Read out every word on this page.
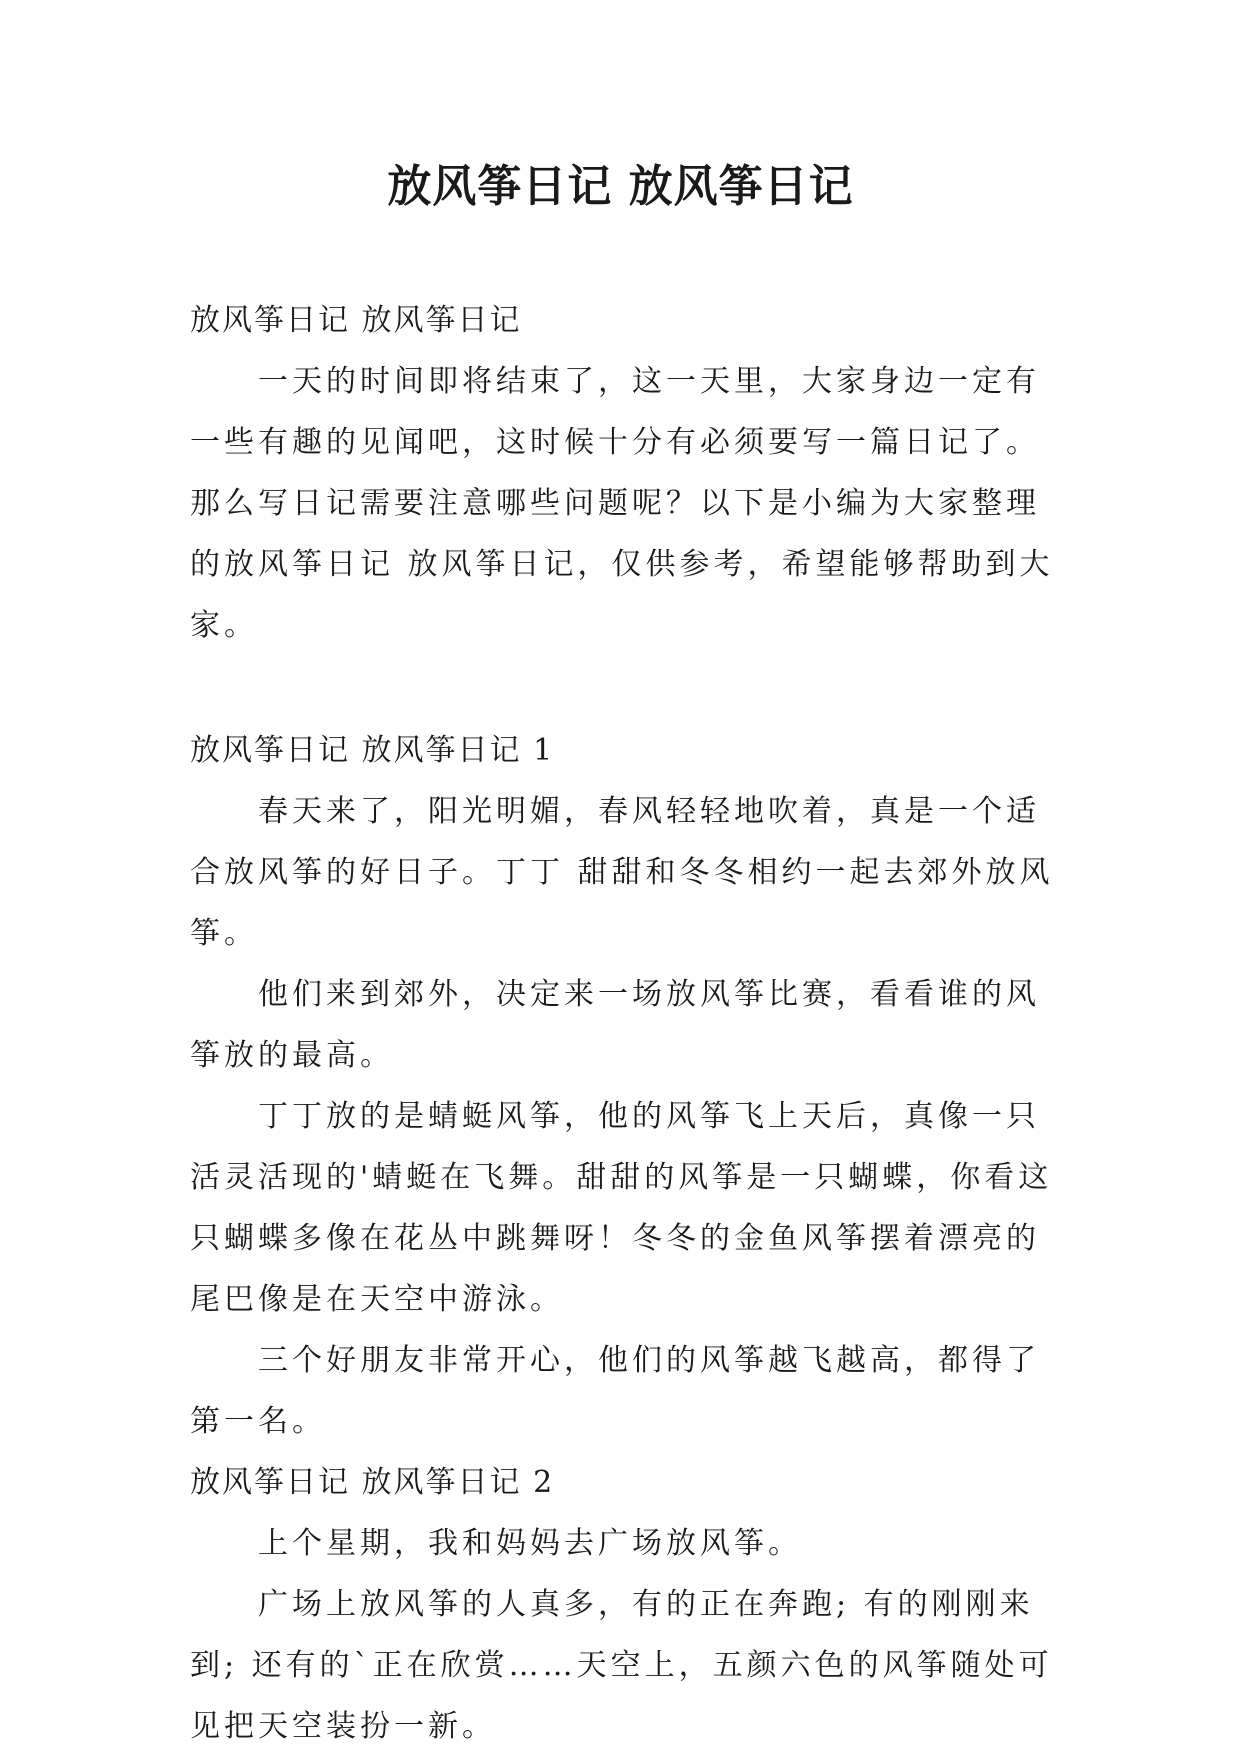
放风筝日记 放风筝日记

放风筝日记 放风筝日记

一天的时间即将结束了，这一天里，大家身边一定有一些有趣的见闻吧，这时候十分有必须要写一篇日记了。那么写日记需要注意哪些问题呢？以下是小编为大家整理的放风筝日记 放风筝日记，仅供参考，希望能够帮助到大家。

放风筝日记 放风筝日记 1

春天来了，阳光明媚，春风轻轻地吹着，真是一个适合放风筝的好日子。丁丁 甜甜和冬冬相约一起去郊外放风筝。

他们来到郊外，决定来一场放风筝比赛，看看谁的风筝放的最高。

丁丁放的是蜻蜓风筝，他的风筝飞上天后，真像一只活灵活现的'蜻蜓在飞舞。甜甜的风筝是一只蝴蝶，你看这只蝴蝶多像在花丛中跳舞呀！冬冬的金鱼风筝摆着漂亮的尾巴像是在天空中游泳。

三个好朋友非常开心，他们的风筝越飞越高，都得了第一名。

放风筝日记 放风筝日记 2

上个星期，我和妈妈去广场放风筝。

广场上放风筝的人真多，有的正在奔跑; 有的刚刚来到; 还有的`正在欣赏……天空上，五颜六色的风筝随处可见把天空装扮一新。
